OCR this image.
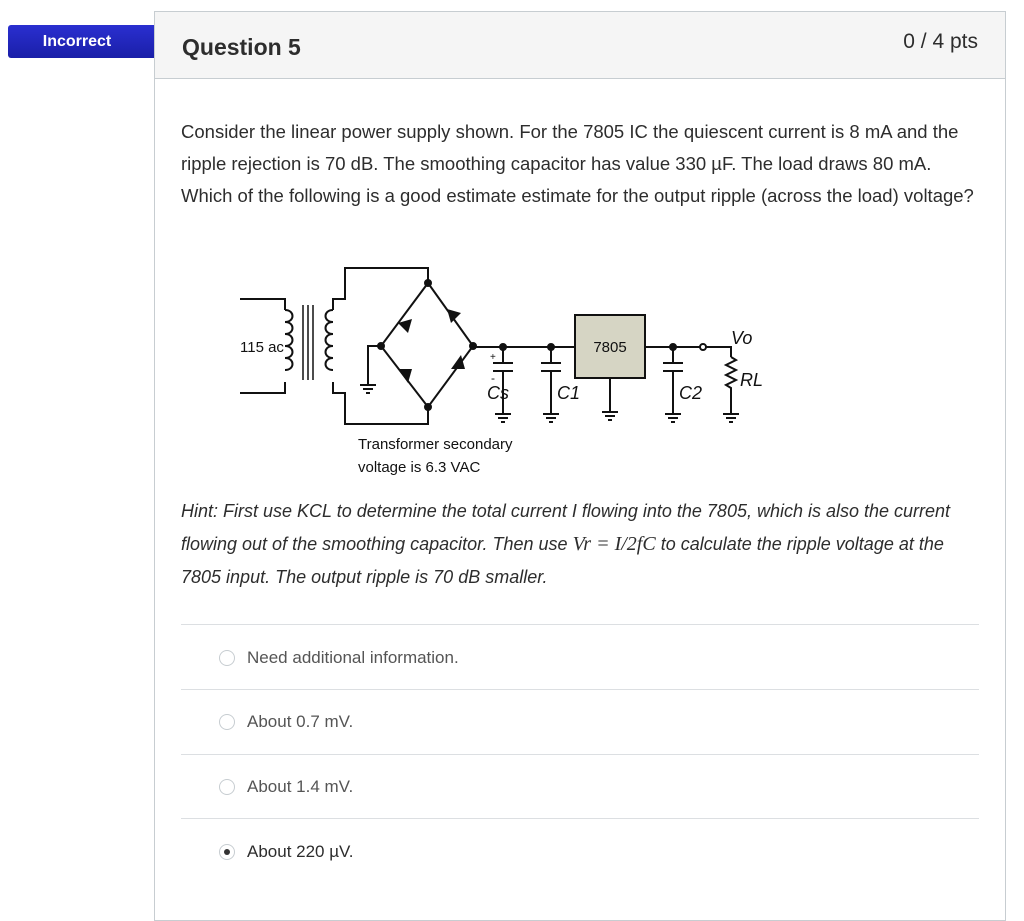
Incorrect	Question 5	0 / 4 pts
Consider the linear power supply shown. For the 7805 IC the quiescent current is 8 mA and the ripple rejection is 70 dB. The smoothing capacitor has value 330 µF. The load draws 80 mA. Which of the following is a good estimate estimate for the output ripple (across the load) voltage?
115 ac	7805
Cs	C1	C2
Vo
RL
+
-
Transformer secondary
voltage is 6.3 VAC
Hint: First use KCL to determine the total current I flowing into the 7805, which is also the current flowing out of the smoothing capacitor. Then use Vr = I/2fC to calculate the ripple voltage at the 7805 input. The output ripple is 70 dB smaller.
Need additional information.
About 0.7 mV.
About 1.4 mV.
About 220 µV.
